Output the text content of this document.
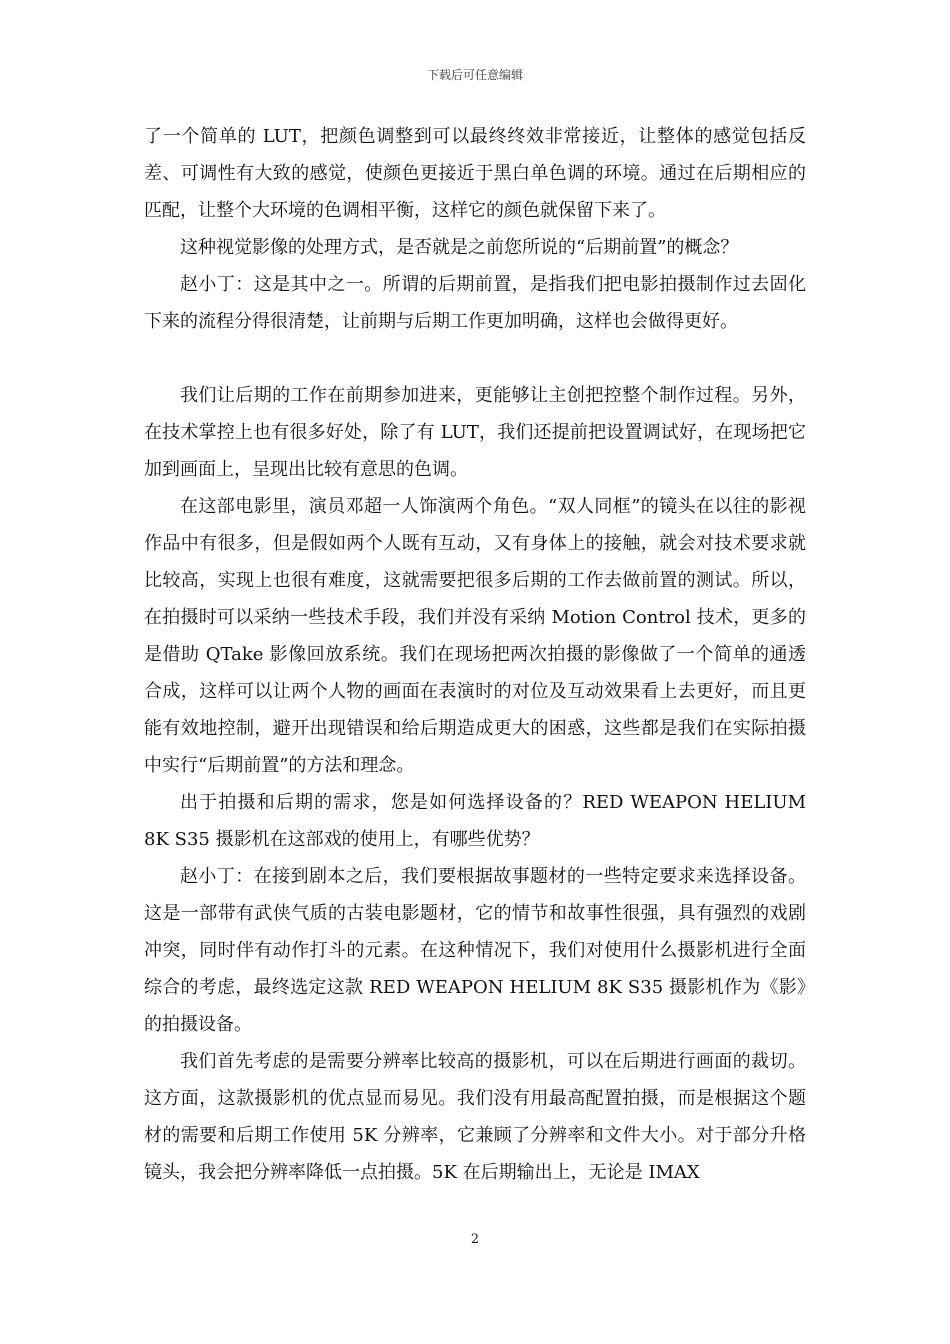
下载后可任意编辑

了一个简单的 LUT，把颜色调整到可以最终终效非常接近，让整体的感觉包括反差、可调性有大致的感觉，使颜色更接近于黑白单色调的环境。通过在后期相应的匹配，让整个大环境的色调相平衡，这样它的颜色就保留下来了。

这种视觉影像的处理方式，是否就是之前您所说的“后期前置”的概念？

赵小丁：这是其中之一。所谓的后期前置，是指我们把电影拍摄制作过去固化下来的流程分得很清楚，让前期与后期工作更加明确，这样也会做得更好。

我们让后期的工作在前期参加进来，更能够让主创把控整个制作过程。另外，在技术掌控上也有很多好处，除了有 LUT，我们还提前把设置调试好，在现场把它加到画面上，呈现出比较有意思的色调。

在这部电影里，演员邓超一人饰演两个角色。“双人同框”的镜头在以往的影视作品中有很多，但是假如两个人既有互动，又有身体上的接触，就会对技术要求就比较高，实现上也很有难度，这就需要把很多后期的工作去做前置的测试。所以，在拍摄时可以采纳一些技术手段，我们并没有采纳 Motion Control 技术，更多的是借助 QTake 影像回放系统。我们在现场把两次拍摄的影像做了一个简单的通透合成，这样可以让两个人物的画面在表演时的对位及互动效果看上去更好，而且更能有效地控制，避开出现错误和给后期造成更大的困惑，这些都是我们在实际拍摄中实行“后期前置”的方法和理念。

出于拍摄和后期的需求，您是如何选择设备的？RED WEAPON HELIUM 8K S35 摄影机在这部戏的使用上，有哪些优势？

赵小丁：在接到剧本之后，我们要根据故事题材的一些特定要求来选择设备。这是一部带有武侠气质的古装电影题材，它的情节和故事性很强，具有强烈的戏剧冲突，同时伴有动作打斗的元素。在这种情况下，我们对使用什么摄影机进行全面综合的考虑，最终选定这款 RED WEAPON HELIUM 8K S35 摄影机作为《影》的拍摄设备。

我们首先考虑的是需要分辨率比较高的摄影机，可以在后期进行画面的裁切。这方面，这款摄影机的优点显而易见。我们没有用最高配置拍摄，而是根据这个题材的需要和后期工作使用 5K 分辨率，它兼顾了分辨率和文件大小。对于部分升格镜头，我会把分辨率降低一点拍摄。5K 在后期输出上，无论是 IMAX

2
